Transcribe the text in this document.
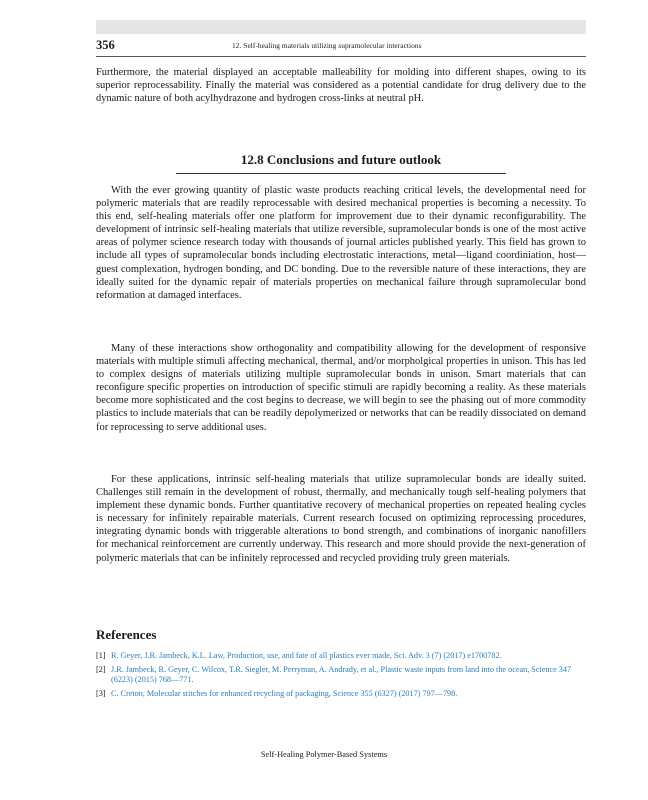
356	12. Self-healing materials utilizing supramolecular interactions

Furthermore, the material displayed an acceptable malleability for molding into different shapes, owing to its superior reprocessability. Finally the material was considered as a potential candidate for drug delivery due to the dynamic nature of both acylhydrazone and hydrogen cross-links at neutral pH.

12.8 Conclusions and future outlook

With the ever growing quantity of plastic waste products reaching critical levels, the developmental need for polymeric materials that are readily reprocessable with desired mechanical properties is becoming a necessity. To this end, self-healing materials offer one platform for improvement due to their dynamic reconfigurability. The development of intrinsic self-healing materials that utilize reversible, supramolecular bonds is one of the most active areas of polymer science research today with thousands of journal articles published yearly. This field has grown to include all types of supramolecular bonds including electrostatic interactions, metal—ligand coordiniation, host—guest complexation, hydrogen bonding, and DC bonding. Due to the reversible nature of these interactions, they are ideally suited for the dynamic repair of materials properties on mechanical failure through supramolecular bond reformation at damaged interfaces.

Many of these interactions show orthogonality and compatibility allowing for the development of responsive materials with multiple stimuli affecting mechanical, thermal, and/or morpholgical properties in unison. This has led to complex designs of materials utilizing multiple supramolecular bonds in unison. Smart materials that can reconfigure specific properties on introduction of specific stimuli are rapidly becoming a reality. As these materials become more sophisticated and the cost begins to decrease, we will begin to see the phasing out of more commodity plastics to include materials that can be readily depolymerized or networks that can be readily dissociated on demand for reprocessing to serve additional uses.

For these applications, intrinsic self-healing materials that utilize supramolecular bonds are ideally suited. Challenges still remain in the development of robust, thermally, and mechanically tough self-healing polymers that implement these dynamic bonds. Further quantitative recovery of mechanical properties on repeated healing cycles is necessary for infinitely repairable materials. Current research focused on optimizing reprocessing procedures, integrating dynamic bonds with triggerable alterations to bond strength, and combinations of inorganic nanofillers for mechanical reinforcement are currently underway. This research and more should provide the next-generation of polymeric materials that can be infinitely reprocessed and recycled providing truly green materials.

References
[1] R. Geyer, J.R. Jambeck, K.L. Law, Production, use, and fate of all plastics ever made, Sci. Adv. 3 (7) (2017) e1700782.
[2] J.R. Jambeck, R. Geyer, C. Wilcox, T.R. Siegler, M. Perryman, A. Andrady, et al., Plastic waste inputs from land into the ocean, Science 347 (6223) (2015) 768—771.
[3] C. Creton, Molecular stitches for enhanced recycling of packaging, Science 355 (6327) (2017) 797—798.
Self-Healing Polymer-Based Systems
